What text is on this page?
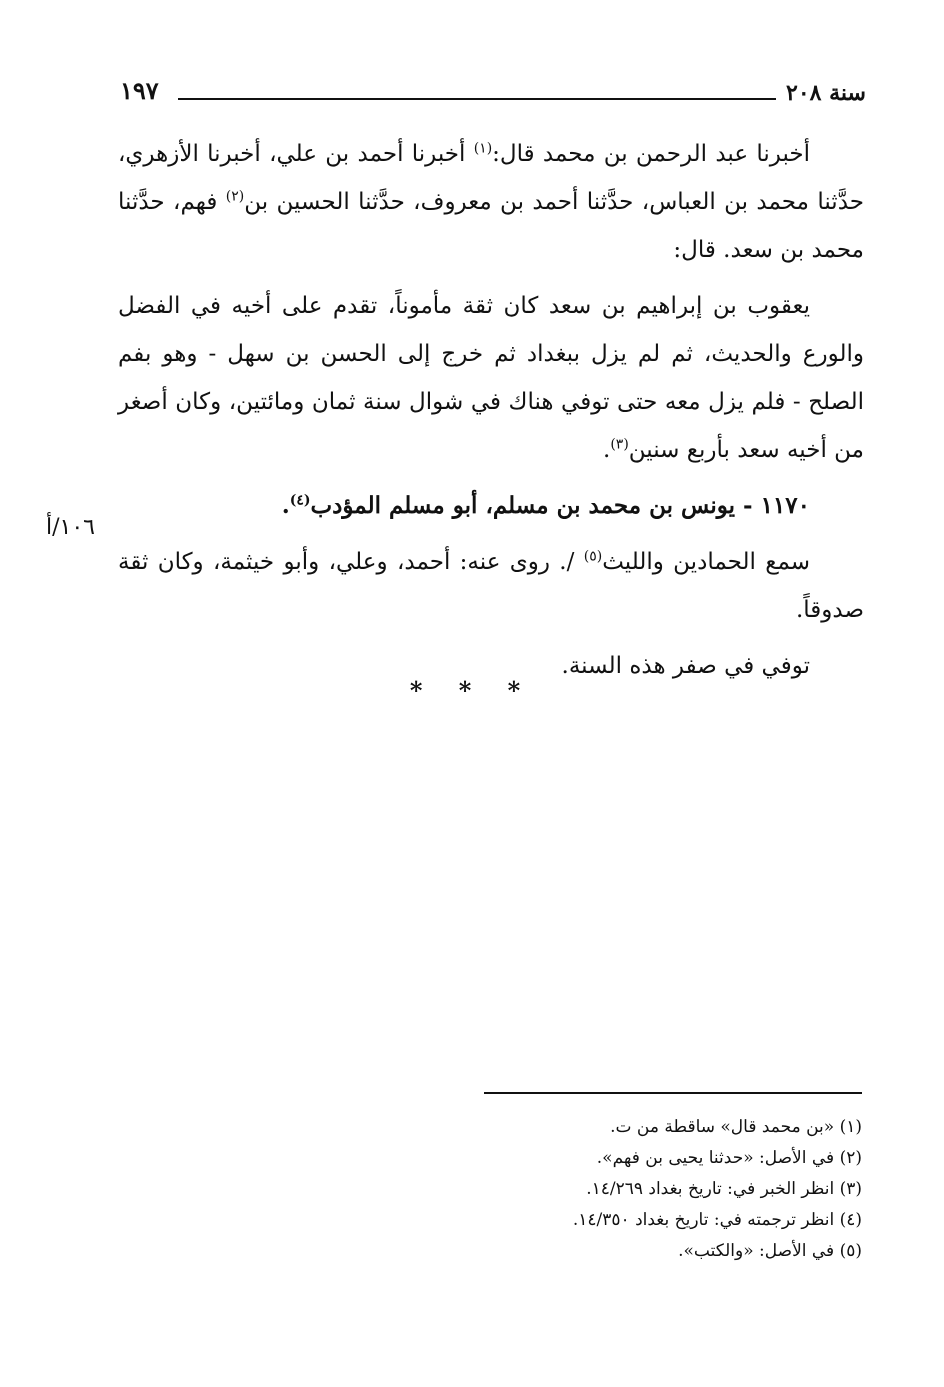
سنة ٢٠٨
١٩٧

أخبرنا عبد الرحمن بن محمد قال:$^{(١)}$ أخبرنا أحمد بن علي، أخبرنا الأزهري، حدَّثنا محمد بن العباس، حدَّثنا أحمد بن معروف، حدَّثنا الحسين بن$^{(٢)}$ فهم، حدَّثنا محمد بن سعد. قال:

يعقوب بن إبراهيم بن سعد كان ثقة مأموناً، تقدم على أخيه في الفضل والورع والحديث، ثم لم يزل ببغداد ثم خرج إلى الحسن بن سهل - وهو بفم الصلح - فلم يزل معه حتى توفي هناك في شوال سنة ثمان ومائتين، وكان أصغر من أخيه سعد بأربع سنين$^{(٣)}$.

١١٧٠ - يونس بن محمد بن مسلم، أبو مسلم المؤدب$^{(٤)}$.

سمع الحمادين والليث$^{(٥)}$ /. روى عنه: أحمد، وعلي، وأبو خيثمة، وكان ثقة صدوقاً.

توفي في صفر هذه السنة.

١٠٦/أ
* * *

(١) «بن محمد قال» ساقطة من ت.

(٢) في الأصل: «حدثنا يحيى بن فهم».

(٣) انظر الخبر في: تاريخ بغداد ١٤/٢٦٩.

(٤) انظر ترجمته في: تاريخ بغداد ١٤/٣٥٠.

(٥) في الأصل: «والكتب».
